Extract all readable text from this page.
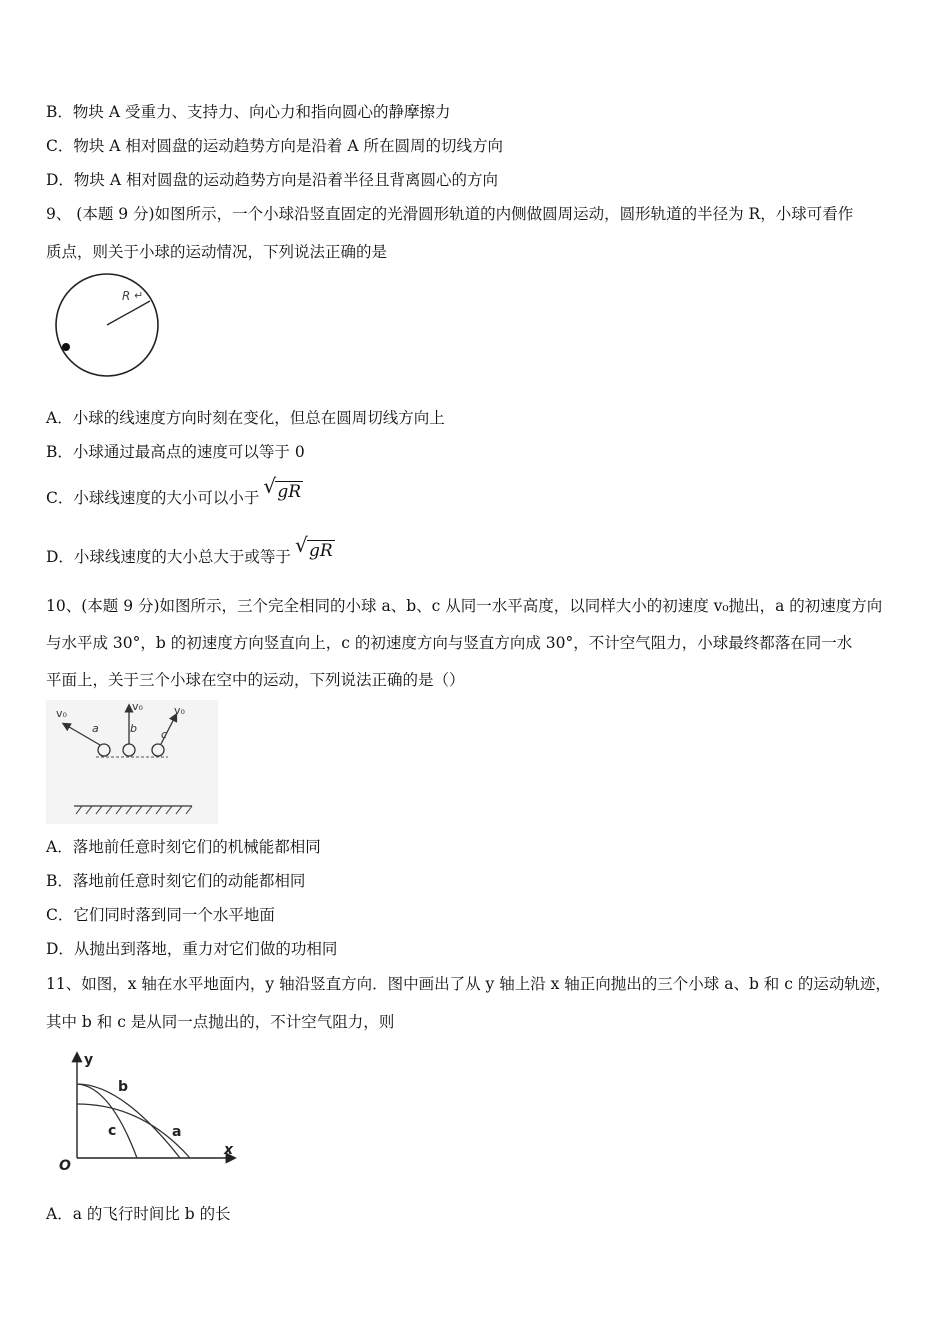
B．物块 A 受重力、支持力、向心力和指向圆心的静摩擦力
C．物块 A 相对圆盘的运动趋势方向是沿着 A 所在圆周的切线方向
D．物块 A 相对圆盘的运动趋势方向是沿着半径且背离圆心的方向
9、 (本题 9 分)如图所示，一个小球沿竖直固定的光滑圆形轨道的内侧做圆周运动，圆形轨道的半径为 R，小球可看作
质点，则关于小球的运动情况，下列说法正确的是
R ↵
A．小球的线速度方向时刻在变化，但总在圆周切线方向上
B．小球通过最高点的速度可以等于 0
C．小球线速度的大小可以小于 √ gR
D．小球线速度的大小总大于或等于 √ gR
10、(本题 9 分)如图所示，三个完全相同的小球 a、b、c 从同一水平高度，以同样大小的初速度 v₀抛出，a 的初速度方向
与水平成 30°，b 的初速度方向竖直向上，c 的初速度方向与竖直方向成 30°，不计空气阻力，小球最终都落在同一水
平面上，关于三个小球在空中的运动，下列说法正确的是（）
v₀
a
v₀
b
v₀
c
A．落地前任意时刻它们的机械能都相同
B．落地前任意时刻它们的动能都相同
C．它们同时落到同一个水平地面
D．从抛出到落地，重力对它们做的功相同
11、如图，x 轴在水平地面内，y 轴沿竖直方向．图中画出了从 y 轴上沿 x 轴正向抛出的三个小球 a、b 和 c 的运动轨迹，
其中 b 和 c 是从同一点抛出的，不计空气阻力，则
y
x
O
b
c	a
A．a 的飞行时间比 b 的长
